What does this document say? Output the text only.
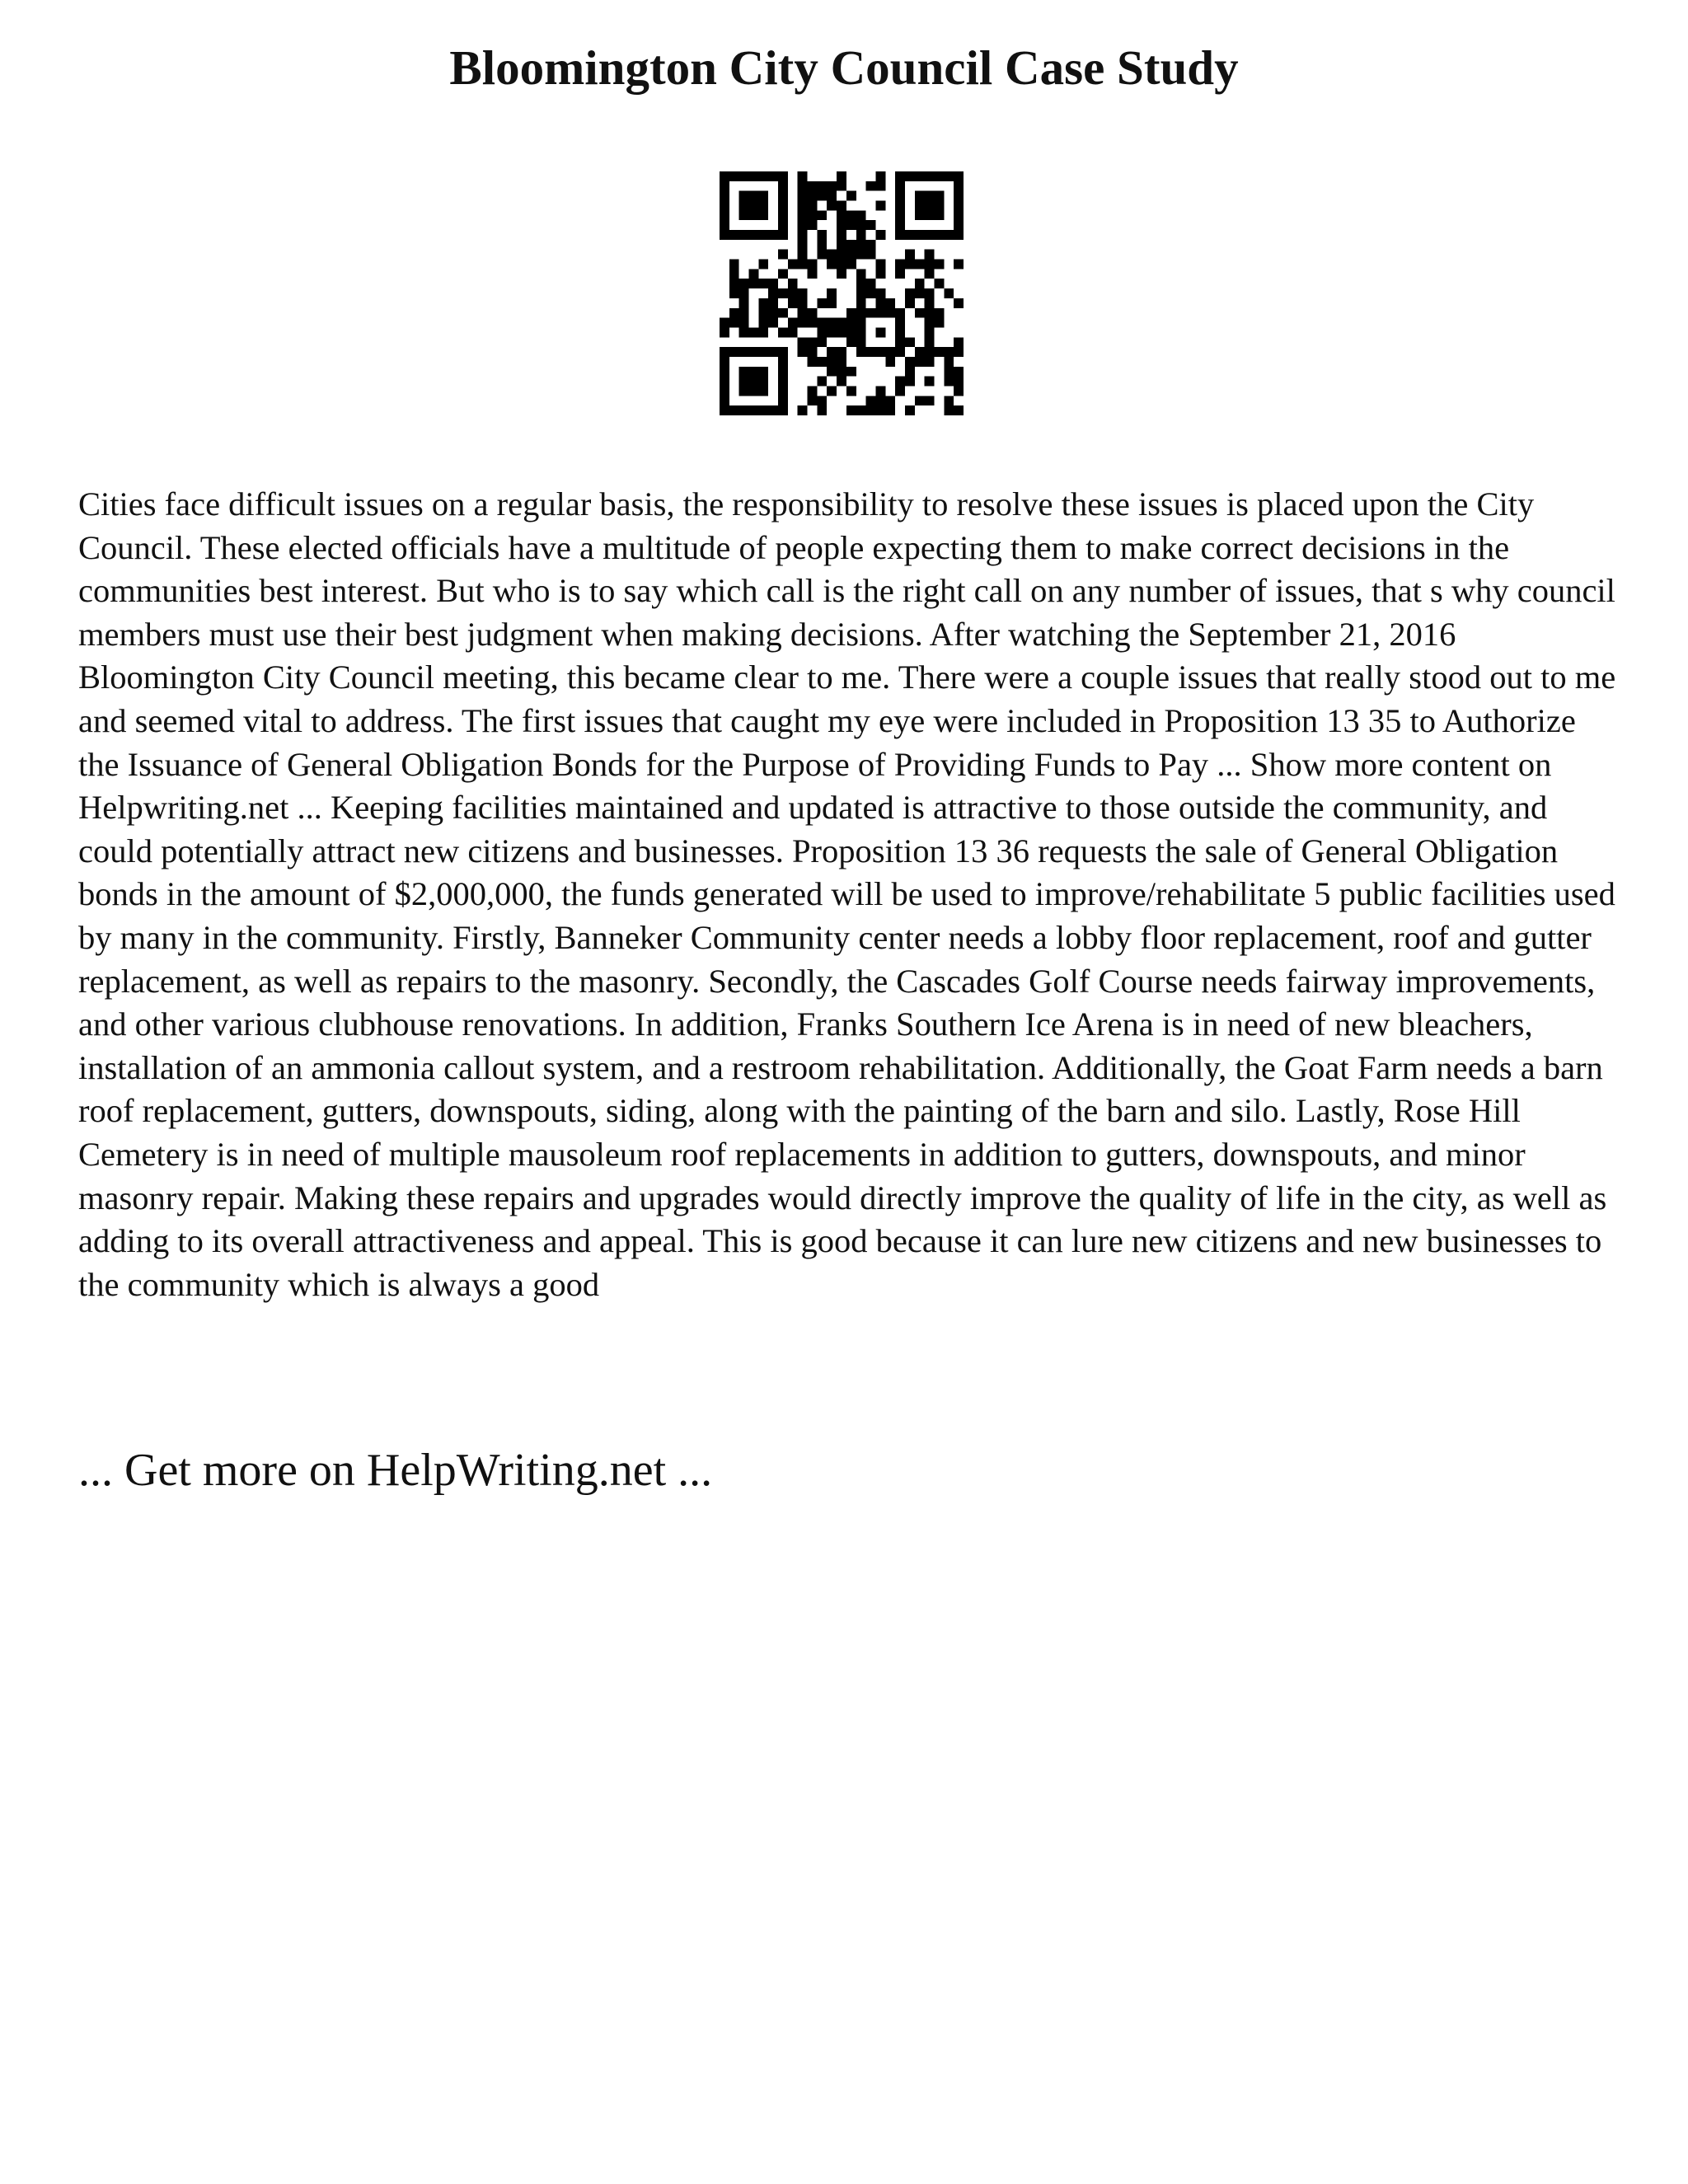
Bloomington City Council Case Study

Cities face difficult issues on a regular basis, the responsibility to resolve these issues is placed upon the City Council. These elected officials have a multitude of people expecting them to make correct decisions in the communities best interest. But who is to say which call is the right call on any number of issues, that s why council members must use their best judgment when making decisions. After watching the September 21, 2016 Bloomington City Council meeting, this became clear to me. There were a couple issues that really stood out to me and seemed vital to address. The first issues that caught my eye were included in Proposition 13 35 to Authorize the Issuance of General Obligation Bonds for the Purpose of Providing Funds to Pay ... Show more content on Helpwriting.net ... Keeping facilities maintained and updated is attractive to those outside the community, and could potentially attract new citizens and businesses. Proposition 13 36 requests the sale of General Obligation bonds in the amount of $2,000,000, the funds generated will be used to improve/rehabilitate 5 public facilities used by many in the community. Firstly, Banneker Community center needs a lobby floor replacement, roof and gutter replacement, as well as repairs to the masonry. Secondly, the Cascades Golf Course needs fairway improvements, and other various clubhouse renovations. In addition, Franks Southern Ice Arena is in need of new bleachers, installation of an ammonia callout system, and a restroom rehabilitation. Additionally, the Goat Farm needs a barn roof replacement, gutters, downspouts, siding, along with the painting of the barn and silo. Lastly, Rose Hill Cemetery is in need of multiple mausoleum roof replacements in addition to gutters, downspouts, and minor masonry repair. Making these repairs and upgrades would directly improve the quality of life in the city, as well as adding to its overall attractiveness and appeal. This is good because it can lure new citizens and new businesses to the community which is always a good

... Get more on HelpWriting.net ...
